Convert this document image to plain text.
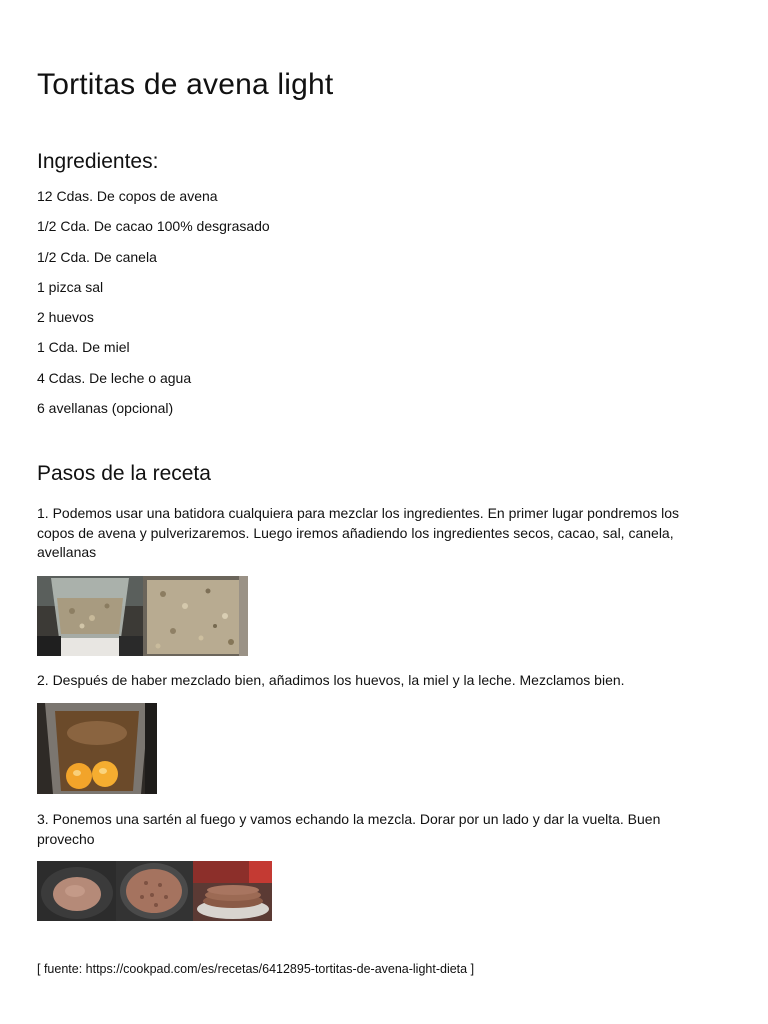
Tortitas de avena light
Ingredientes:
12 Cdas. De copos de avena
1/2 Cda. De cacao 100% desgrasado
1/2 Cda. De canela
1 pizca sal
2 huevos
1 Cda. De miel
4 Cdas. De leche o agua
6 avellanas (opcional)
Pasos de la receta

1. Podemos usar una batidora cualquiera para mezclar los ingredientes. En primer lugar pondremos los copos de avena y pulverizaremos. Luego iremos añadiendo los ingredientes secos, cacao, sal, canela, avellanas

2. Después de haber mezclado bien, añadimos los huevos, la miel y la leche. Mezclamos bien.

3. Ponemos una sartén al fuego y vamos echando la mezcla. Dorar por un lado y dar la vuelta. Buen provecho

[ fuente: https://cookpad.com/es/recetas/6412895-tortitas-de-avena-light-dieta ]
